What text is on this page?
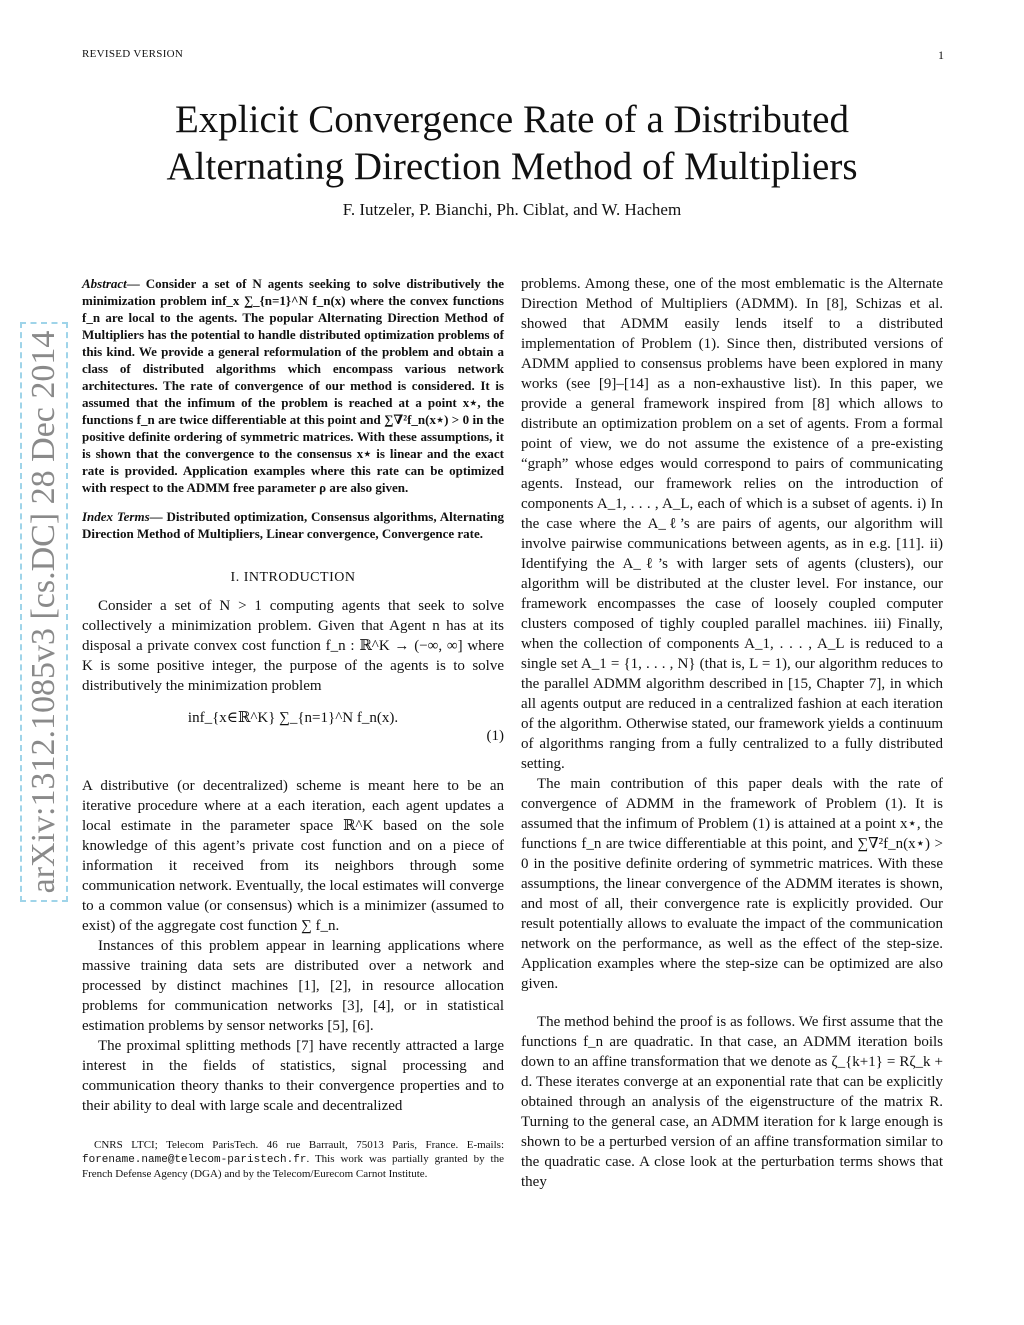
REVISED VERSION	1
arXiv:1312.1085v3 [cs.DC] 28 Dec 2014
Explicit Convergence Rate of a Distributed
Alternating Direction Method of Multipliers
F. Iutzeler, P. Bianchi, Ph. Ciblat, and W. Hachem

Abstract— Consider a set of N agents seeking to solve distributively the minimization problem inf_x ∑_{n=1}^N f_n(x) where the convex functions f_n are local to the agents. The popular Alternating Direction Method of Multipliers has the potential to handle distributed optimization problems of this kind. We provide a general reformulation of the problem and obtain a class of distributed algorithms which encompass various network architectures. The rate of convergence of our method is considered. It is assumed that the infimum of the problem is reached at a point x⋆, the functions f_n are twice differentiable at this point and ∑∇²f_n(x⋆) > 0 in the positive definite ordering of symmetric matrices. With these assumptions, it is shown that the convergence to the consensus x⋆ is linear and the exact rate is provided. Application examples where this rate can be optimized with respect to the ADMM free parameter ρ are also given.

Index Terms— Distributed optimization, Consensus algorithms, Alternating Direction Method of Multipliers, Linear convergence, Convergence rate.

I. INTRODUCTION

Consider a set of N > 1 computing agents that seek to solve collectively a minimization problem. Given that Agent n has at its disposal a private convex cost function f_n : ℝ^K → (−∞, ∞] where K is some positive integer, the purpose of the agents is to solve distributively the minimization problem

inf_{x∈ℝ^K} ∑_{n=1}^N f_n(x).
(1)

A distributive (or decentralized) scheme is meant here to be an iterative procedure where at a each iteration, each agent updates a local estimate in the parameter space ℝ^K based on the sole knowledge of this agent’s private cost function and on a piece of information it received from its neighbors through some communication network. Eventually, the local estimates will converge to a common value (or consensus) which is a minimizer (assumed to exist) of the aggregate cost function ∑ f_n.

Instances of this problem appear in learning applications where massive training data sets are distributed over a network and processed by distinct machines [1], [2], in resource allocation problems for communication networks [3], [4], or in statistical estimation problems by sensor networks [5], [6].

The proximal splitting methods [7] have recently attracted a large interest in the fields of statistics, signal processing and communication theory thanks to their convergence properties and to their ability to deal with large scale and decentralized

CNRS LTCI; Telecom ParisTech. 46 rue Barrault, 75013 Paris, France. E-mails: forename.name@telecom-paristech.fr. This work was partially granted by the French Defense Agency (DGA) and by the Telecom/Eurecom Carnot Institute.

problems. Among these, one of the most emblematic is the Alternate Direction Method of Multipliers (ADMM). In [8], Schizas et al. showed that ADMM easily lends itself to a distributed implementation of Problem (1). Since then, distributed versions of ADMM applied to consensus problems have been explored in many works (see [9]–[14] as a non-exhaustive list). In this paper, we provide a general framework inspired from [8] which allows to distribute an optimization problem on a set of agents. From a formal point of view, we do not assume the existence of a pre-existing “graph” whose edges would correspond to pairs of communicating agents. Instead, our framework relies on the introduction of components A_1, . . . , A_L, each of which is a subset of agents. i) In the case where the A_ℓ’s are pairs of agents, our algorithm will involve pairwise communications between agents, as in e.g. [11]. ii) Identifying the A_ℓ’s with larger sets of agents (clusters), our algorithm will be distributed at the cluster level. For instance, our framework encompasses the case of loosely coupled computer clusters composed of tighly coupled parallel machines. iii) Finally, when the collection of components A_1, . . . , A_L is reduced to a single set A_1 = {1, . . . , N} (that is, L = 1), our algorithm reduces to the parallel ADMM algorithm described in [15, Chapter 7], in which all agents output are reduced in a centralized fashion at each iteration of the algorithm. Otherwise stated, our framework yields a continuum of algorithms ranging from a fully centralized to a fully distributed setting.

The main contribution of this paper deals with the rate of convergence of ADMM in the framework of Problem (1). It is assumed that the infimum of Problem (1) is attained at a point x⋆, the functions f_n are twice differentiable at this point, and ∑∇²f_n(x⋆) > 0 in the positive definite ordering of symmetric matrices. With these assumptions, the linear convergence of the ADMM iterates is shown, and most of all, their convergence rate is explicitly provided. Our result potentially allows to evaluate the impact of the communication network on the performance, as well as the effect of the step-size. Application examples where the step-size can be optimized are also given.

The method behind the proof is as follows. We first assume that the functions f_n are quadratic. In that case, an ADMM iteration boils down to an affine transformation that we denote as ζ_{k+1} = Rζ_k + d. These iterates converge at an exponential rate that can be explicitly obtained through an analysis of the eigenstructure of the matrix R. Turning to the general case, an ADMM iteration for k large enough is shown to be a perturbed version of an affine transformation similar to the quadratic case. A close look at the perturbation terms shows that they
